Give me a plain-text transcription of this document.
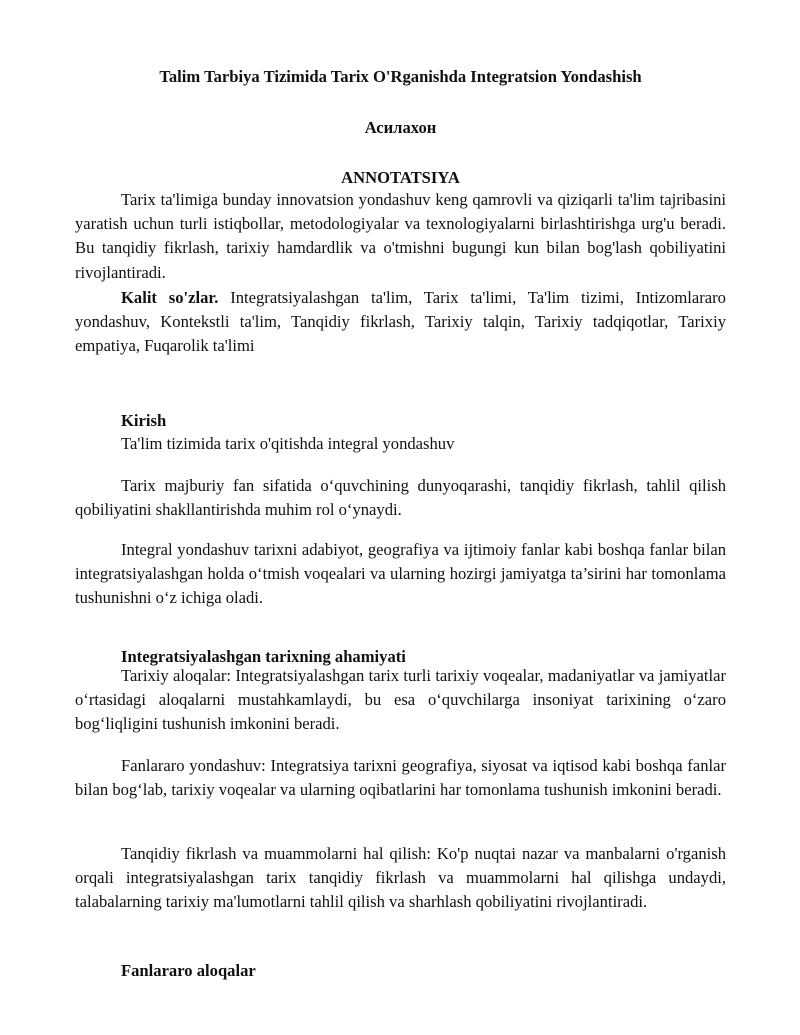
Talim Tarbiya Tizimida Tarix O'Rganishda Integratsion Yondashish
Асилахон
ANNOTATSIYA
Tarix ta'limiga bunday innovatsion yondashuv keng qamrovli va qiziqarli ta'lim tajribasini yaratish uchun turli istiqbollar, metodologiyalar va texnologiyalarni birlashtirishga urg'u beradi. Bu tanqidiy fikrlash, tarixiy hamdardlik va o'tmishni bugungi kun bilan bog'lash qobiliyatini rivojlantiradi.
Kalit so'zlar. Integratsiyalashgan ta'lim, Tarix ta'limi, Ta'lim tizimi, Intizomlararo yondashuv, Kontekstli ta'lim, Tanqidiy fikrlash, Tarixiy talqin, Tarixiy tadqiqotlar, Tarixiy empatiya, Fuqarolik ta'limi
Kirish
Ta'lim tizimida tarix o'qitishda integral yondashuv
Tarix majburiy fan sifatida o‘quvchining dunyoqarashi, tanqidiy fikrlash, tahlil qilish qobiliyatini shakllantirishda muhim rol o‘ynaydi.
Integral yondashuv tarixni adabiyot, geografiya va ijtimoiy fanlar kabi boshqa fanlar bilan integratsiyalashgan holda o‘tmish voqealari va ularning hozirgi jamiyatga ta’sirini har tomonlama tushunishni o‘z ichiga oladi.
Integratsiyalashgan tarixning ahamiyati
Tarixiy aloqalar: Integratsiyalashgan tarix turli tarixiy voqealar, madaniyatlar va jamiyatlar o‘rtasidagi aloqalarni mustahkamlaydi, bu esa o‘quvchilarga insoniyat tarixining o‘zaro bog‘liqligini tushunish imkonini beradi.
Fanlararo yondashuv: Integratsiya tarixni geografiya, siyosat va iqtisod kabi boshqa fanlar bilan bog‘lab, tarixiy voqealar va ularning oqibatlarini har tomonlama tushunish imkonini beradi.
Tanqidiy fikrlash va muammolarni hal qilish: Ko'p nuqtai nazar va manbalarni o'rganish orqali integratsiyalashgan tarix tanqidiy fikrlash va muammolarni hal qilishga undaydi, talabalarning tarixiy ma'lumotlarni tahlil qilish va sharhlash qobiliyatini rivojlantiradi.
Fanlararo aloqalar
